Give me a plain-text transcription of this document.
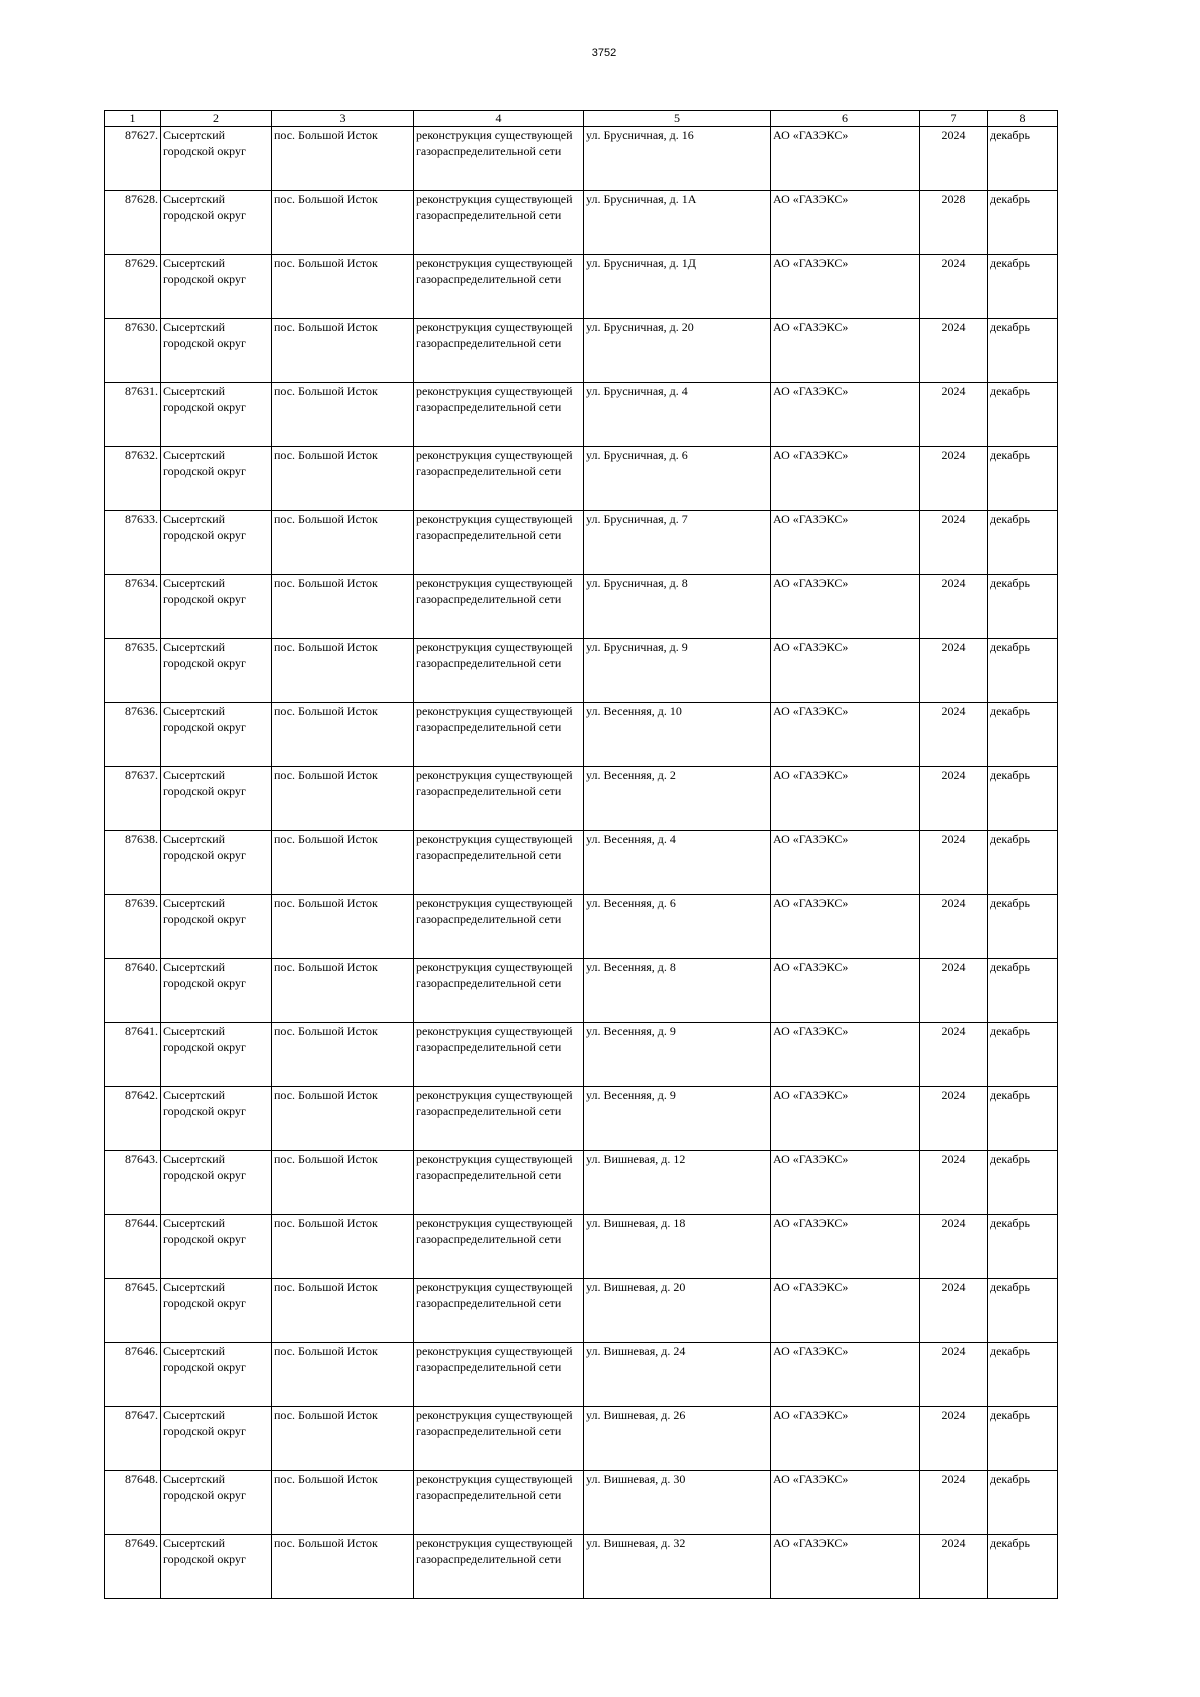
3752
1	2	3	4	5	6	7	8
87627.	Сысертский городской округ	пос. Большой Исток	реконструкция существующей газораспределительной сети	ул. Брусничная, д. 16	АО «ГАЗЭКС»	2024	декабрь
87628.	Сысертский городской округ	пос. Большой Исток	реконструкция существующей газораспределительной сети	ул. Брусничная, д. 1А	АО «ГАЗЭКС»	2028	декабрь
87629.	Сысертский городской округ	пос. Большой Исток	реконструкция существующей газораспределительной сети	ул. Брусничная, д. 1Д	АО «ГАЗЭКС»	2024	декабрь
87630.	Сысертский городской округ	пос. Большой Исток	реконструкция существующей газораспределительной сети	ул. Брусничная, д. 20	АО «ГАЗЭКС»	2024	декабрь
87631.	Сысертский городской округ	пос. Большой Исток	реконструкция существующей газораспределительной сети	ул. Брусничная, д. 4	АО «ГАЗЭКС»	2024	декабрь
87632.	Сысертский городской округ	пос. Большой Исток	реконструкция существующей газораспределительной сети	ул. Брусничная, д. 6	АО «ГАЗЭКС»	2024	декабрь
87633.	Сысертский городской округ	пос. Большой Исток	реконструкция существующей газораспределительной сети	ул. Брусничная, д. 7	АО «ГАЗЭКС»	2024	декабрь
87634.	Сысертский городской округ	пос. Большой Исток	реконструкция существующей газораспределительной сети	ул. Брусничная, д. 8	АО «ГАЗЭКС»	2024	декабрь
87635.	Сысертский городской округ	пос. Большой Исток	реконструкция существующей газораспределительной сети	ул. Брусничная, д. 9	АО «ГАЗЭКС»	2024	декабрь
87636.	Сысертский городской округ	пос. Большой Исток	реконструкция существующей газораспределительной сети	ул. Весенняя, д. 10	АО «ГАЗЭКС»	2024	декабрь
87637.	Сысертский городской округ	пос. Большой Исток	реконструкция существующей газораспределительной сети	ул. Весенняя, д. 2	АО «ГАЗЭКС»	2024	декабрь
87638.	Сысертский городской округ	пос. Большой Исток	реконструкция существующей газораспределительной сети	ул. Весенняя, д. 4	АО «ГАЗЭКС»	2024	декабрь
87639.	Сысертский городской округ	пос. Большой Исток	реконструкция существующей газораспределительной сети	ул. Весенняя, д. 6	АО «ГАЗЭКС»	2024	декабрь
87640.	Сысертский городской округ	пос. Большой Исток	реконструкция существующей газораспределительной сети	ул. Весенняя, д. 8	АО «ГАЗЭКС»	2024	декабрь
87641.	Сысертский городской округ	пос. Большой Исток	реконструкция существующей газораспределительной сети	ул. Весенняя, д. 9	АО «ГАЗЭКС»	2024	декабрь
87642.	Сысертский городской округ	пос. Большой Исток	реконструкция существующей газораспределительной сети	ул. Весенняя, д. 9	АО «ГАЗЭКС»	2024	декабрь
87643.	Сысертский городской округ	пос. Большой Исток	реконструкция существующей газораспределительной сети	ул. Вишневая, д. 12	АО «ГАЗЭКС»	2024	декабрь
87644.	Сысертский городской округ	пос. Большой Исток	реконструкция существующей газораспределительной сети	ул. Вишневая, д. 18	АО «ГАЗЭКС»	2024	декабрь
87645.	Сысертский городской округ	пос. Большой Исток	реконструкция существующей газораспределительной сети	ул. Вишневая, д. 20	АО «ГАЗЭКС»	2024	декабрь
87646.	Сысертский городской округ	пос. Большой Исток	реконструкция существующей газораспределительной сети	ул. Вишневая, д. 24	АО «ГАЗЭКС»	2024	декабрь
87647.	Сысертский городской округ	пос. Большой Исток	реконструкция существующей газораспределительной сети	ул. Вишневая, д. 26	АО «ГАЗЭКС»	2024	декабрь
87648.	Сысертский городской округ	пос. Большой Исток	реконструкция существующей газораспределительной сети	ул. Вишневая, д. 30	АО «ГАЗЭКС»	2024	декабрь
87649.	Сысертский городской округ	пос. Большой Исток	реконструкция существующей газораспределительной сети	ул. Вишневая, д. 32	АО «ГАЗЭКС»	2024	декабрь
